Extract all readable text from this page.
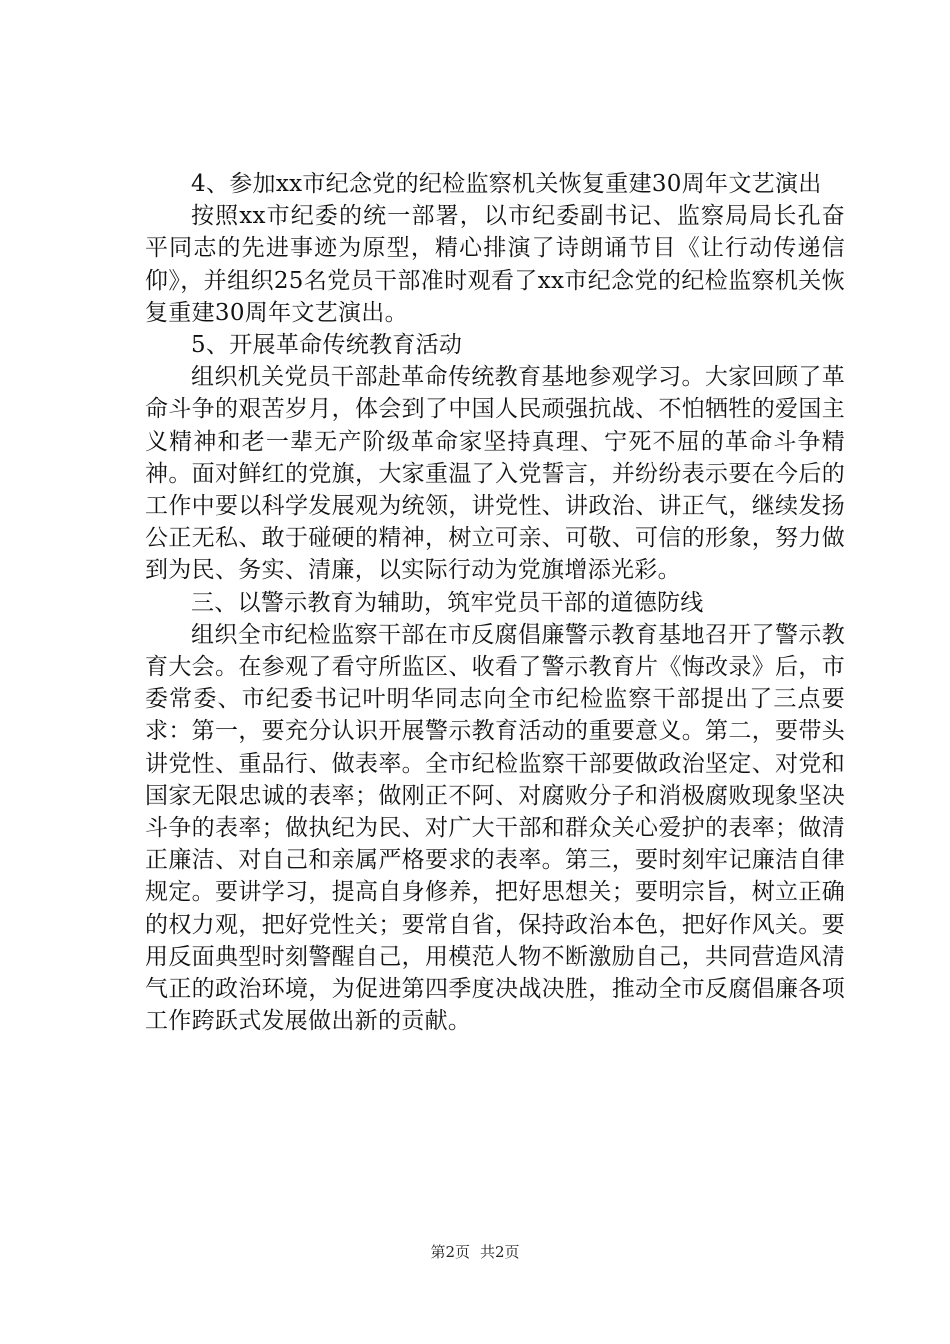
4、参加xx市纪念党的纪检监察机关恢复重建30周年文艺演出

按照xx市纪委的统一部署，以市纪委副书记、监察局局长孔奋平同志的先进事迹为原型，精心排演了诗朗诵节目《让行动传递信仰》，并组织25名党员干部准时观看了xx市纪念党的纪检监察机关恢复重建30周年文艺演出。

5、开展革命传统教育活动

组织机关党员干部赴革命传统教育基地参观学习。大家回顾了革命斗争的艰苦岁月，体会到了中国人民顽强抗战、不怕牺牲的爱国主义精神和老一辈无产阶级革命家坚持真理、宁死不屈的革命斗争精神。面对鲜红的党旗，大家重温了入党誓言，并纷纷表示要在今后的工作中要以科学发展观为统领，讲党性、讲政治、讲正气，继续发扬公正无私、敢于碰硬的精神，树立可亲、可敬、可信的形象，努力做到为民、务实、清廉，以实际行动为党旗增添光彩。

三、以警示教育为辅助，筑牢党员干部的道德防线

组织全市纪检监察干部在市反腐倡廉警示教育基地召开了警示教育大会。在参观了看守所监区、收看了警示教育片《悔改录》后，市委常委、市纪委书记叶明华同志向全市纪检监察干部提出了三点要求：第一，要充分认识开展警示教育活动的重要意义。第二，要带头讲党性、重品行、做表率。全市纪检监察干部要做政治坚定、对党和国家无限忠诚的表率；做刚正不阿、对腐败分子和消极腐败现象坚决斗争的表率；做执纪为民、对广大干部和群众关心爱护的表率；做清正廉洁、对自己和亲属严格要求的表率。第三，要时刻牢记廉洁自律规定。要讲学习，提高自身修养，把好思想关；要明宗旨，树立正确的权力观，把好党性关；要常自省，保持政治本色，把好作风关。要用反面典型时刻警醒自己，用模范人物不断激励自己，共同营造风清气正的政治环境，为促进第四季度决战决胜，推动全市反腐倡廉各项工作跨跃式发展做出新的贡献。

第2页 共2页
